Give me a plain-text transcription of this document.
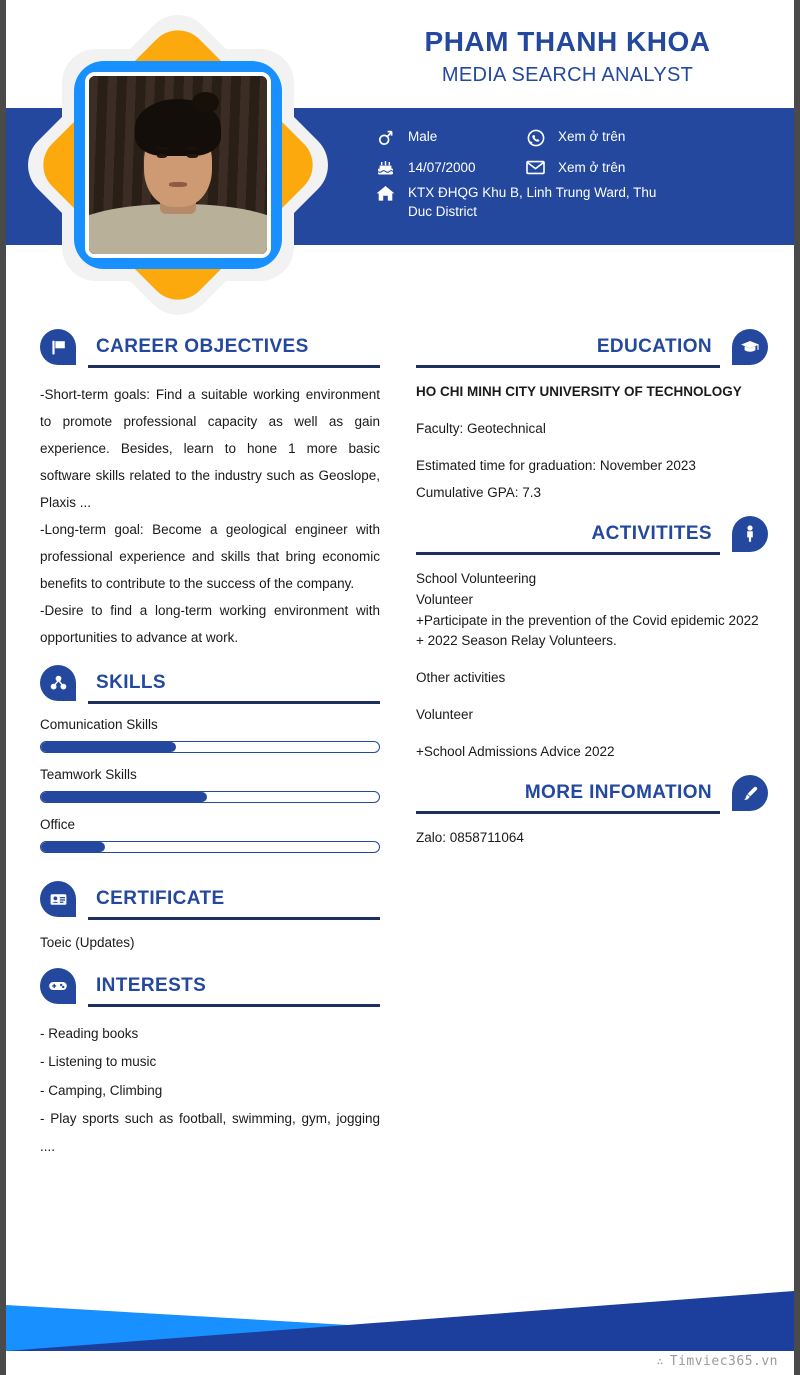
PHAM THANH KHOA
MEDIA SEARCH ANALYST
Male
14/07/2000
Xem ở trên
Xem ở trên
KTX ĐHQG Khu B, Linh Trung Ward, Thu Duc District
CAREER OBJECTIVES

-Short-term goals: Find a suitable working environment to promote professional capacity as well as gain experience. Besides, learn to hone 1 more basic software skills related to the industry such as Geoslope, Plaxis ...

-Long-term goal: Become a geological engineer with professional experience and skills that bring economic benefits to contribute to the success of the company.

-Desire to find a long-term working environment with opportunities to advance at work.

SKILLS
Comunication Skills
Teamwork Skills
Office
CERTIFICATE

Toeic (Updates)

INTERESTS

- Reading books

- Listening to music

- Camping, Climbing

- Play sports such as football, swimming, gym, jogging ....

EDUCATION

HO CHI MINH CITY UNIVERSITY OF TECHNOLOGY

Faculty: Geotechnical

Estimated time for graduation: November 2023

Cumulative GPA: 7.3

ACTIVITITES

School Volunteering

Volunteer

+Participate in the prevention of the Covid epidemic 2022

+ 2022 Season Relay Volunteers.

Other activities

Volunteer

+School Admissions Advice 2022

MORE INFOMATION

Zalo: 0858711064

∴ Timviec365.vn
